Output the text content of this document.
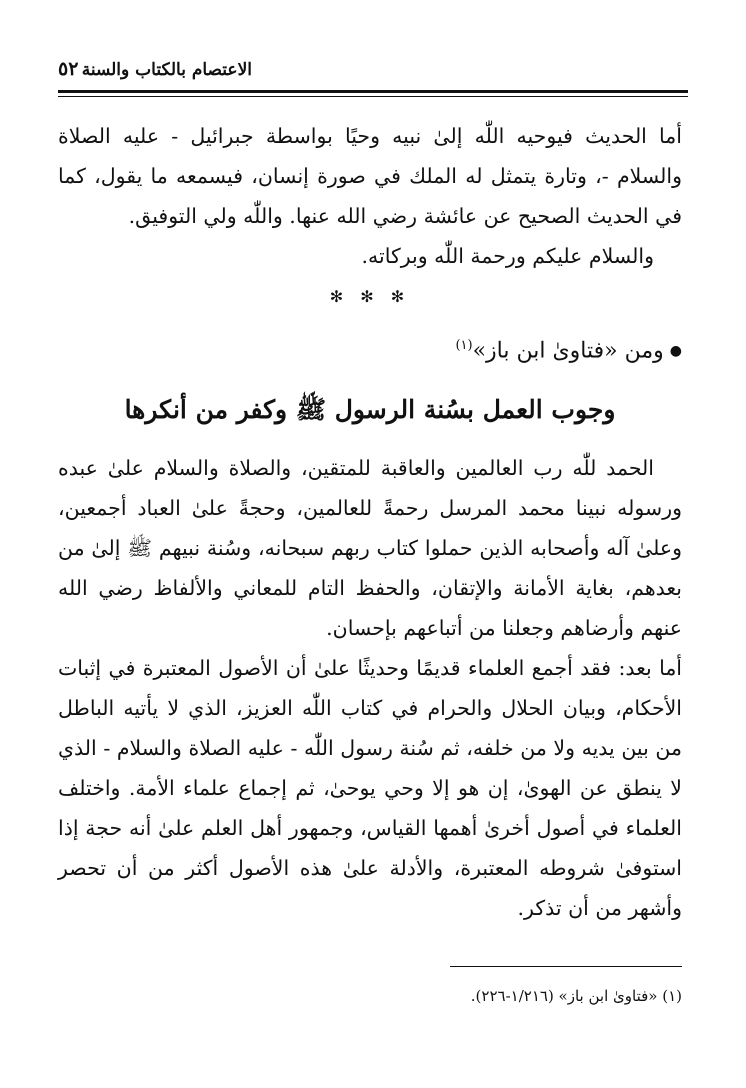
الاعتصام بالكتاب والسنة
٥٢

أما الحديث فيوحيه اللّٰه إلىٰ نبيه وحيًا بواسطة جبرائيل - عليه الصلاة والسلام -، وتارة يتمثل له الملك في صورة إنسان، فيسمعه ما يقول، كما في الحديث الصحيح عن عائشة رضي الله عنها. واللّٰه ولي التوفيق.

والسلام عليكم ورحمة اللّٰه وبركاته.

✻ ✻ ✻

●ومن «فتاوىٰ ابن باز»$^{(١)}$

وجوب العمل بسُنة الرسول ﷺ وكفر من أنكرها

الحمد للّٰه رب العالمين والعاقبة للمتقين، والصلاة والسلام علىٰ عبده ورسوله نبينا محمد المرسل رحمةً للعالمين، وحجةً علىٰ العباد أجمعين، وعلىٰ آله وأصحابه الذين حملوا كتاب ربهم سبحانه، وسُنة نبيهم ﷺ إلىٰ من بعدهم، بغاية الأمانة والإتقان، والحفظ التام للمعاني والألفاظ رضي الله عنهم وأرضاهم وجعلنا من أتباعهم بإحسان.

أما بعد: فقد أجمع العلماء قديمًا وحديثًا علىٰ أن الأصول المعتبرة في إثبات الأحكام، وبيان الحلال والحرام في كتاب اللّٰه العزيز، الذي لا يأتيه الباطل من بين يديه ولا من خلفه، ثم سُنة رسول اللّٰه - عليه الصلاة والسلام - الذي لا ينطق عن الهوىٰ، إن هو إلا وحي يوحىٰ، ثم إجماع علماء الأمة. واختلف العلماء في أصول أخرىٰ أهمها القياس، وجمهور أهل العلم علىٰ أنه حجة إذا استوفىٰ شروطه المعتبرة، والأدلة علىٰ هذه الأصول أكثر من أن تحصر وأشهر من أن تذكر.

(١) «فتاوىٰ ابن باز» (١/٢١٦-٢٢٦).
